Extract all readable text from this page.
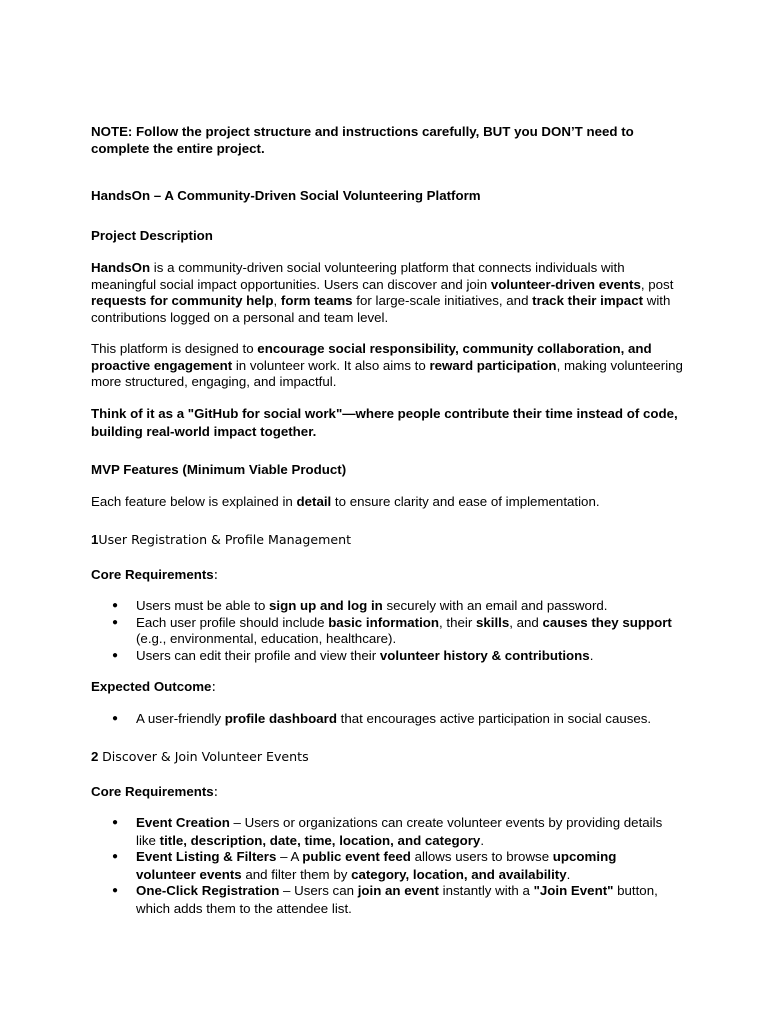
NOTE: Follow the project structure and instructions carefully, BUT you DON’T need to complete the entire project.

HandsOn – A Community-Driven Social Volunteering Platform

Project Description

HandsOn is a community-driven social volunteering platform that connects individuals with meaningful social impact opportunities. Users can discover and join volunteer-driven events, post requests for community help, form teams for large-scale initiatives, and track their impact with contributions logged on a personal and team level.

This platform is designed to encourage social responsibility, community collaboration, and proactive engagement in volunteer work. It also aims to reward participation, making volunteering more structured, engaging, and impactful.

Think of it as a "GitHub for social work"—where people contribute their time instead of code, building real-world impact together.

MVP Features (Minimum Viable Product)

Each feature below is explained in detail to ensure clarity and ease of implementation.

1User Registration & Profile Management

Core Requirements:

● Users must be able to sign up and log in securely with an email and password.
● Each user profile should include basic information, their skills, and causes they support (e.g., environmental, education, healthcare).
● Users can edit their profile and view their volunteer history & contributions.

Expected Outcome:

● A user-friendly profile dashboard that encourages active participation in social causes.

2 Discover & Join Volunteer Events

Core Requirements:

● Event Creation – Users or organizations can create volunteer events by providing details like title, description, date, time, location, and category.
● Event Listing & Filters – A public event feed allows users to browse upcoming volunteer events and filter them by category, location, and availability.
● One-Click Registration – Users can join an event instantly with a "Join Event" button, which adds them to the attendee list.
